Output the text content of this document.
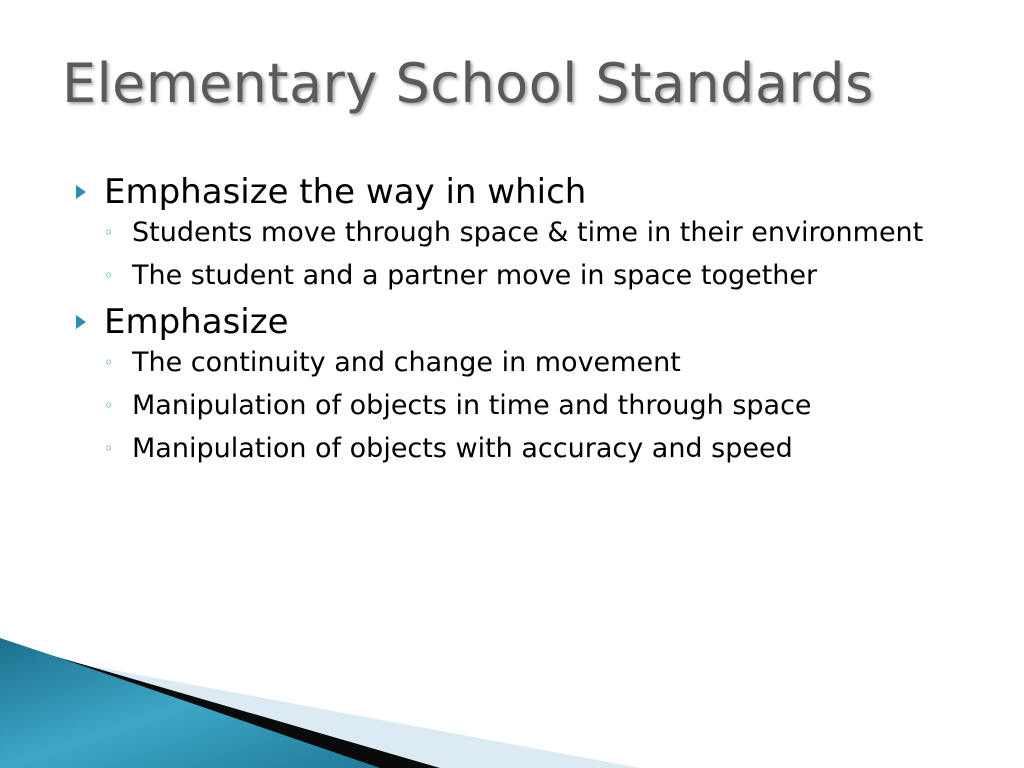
Elementary School Standards
Emphasize the way in which
◦ Students move through space & time in their environment
◦ The student and a partner move in space together
Emphasize
◦ The continuity and change in movement
◦ Manipulation of objects in time and through space
◦ Manipulation of objects with accuracy and speed
